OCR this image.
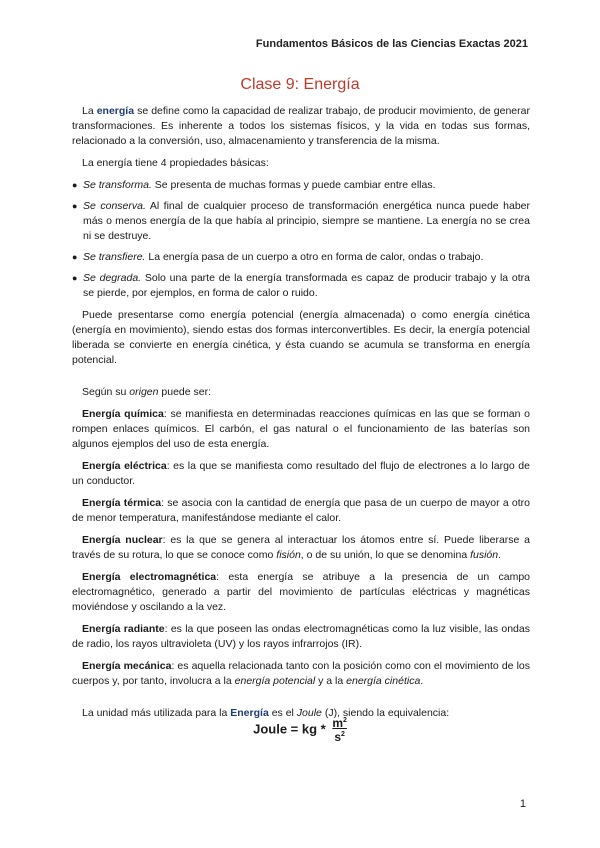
Fundamentos Básicos de las Ciencias Exactas 2021
Clase 9: Energía

La energía se define como la capacidad de realizar trabajo, de producir movimiento, de generar transformaciones. Es inherente a todos los sistemas físicos, y la vida en todas sus formas, relacionado a la conversión, uso, almacenamiento y transferencia de la misma.

La energía tiene 4 propiedades básicas:

● Se transforma. Se presenta de muchas formas y puede cambiar entre ellas.
● Se conserva. Al final de cualquier proceso de transformación energética nunca puede haber más o menos energía de la que había al principio, siempre se mantiene. La energía no se crea ni se destruye.
● Se transfiere. La energía pasa de un cuerpo a otro en forma de calor, ondas o trabajo.
● Se degrada. Solo una parte de la energía transformada es capaz de producir trabajo y la otra se pierde, por ejemplos, en forma de calor o ruido.

Puede presentarse como energía potencial (energía almacenada) o como energía cinética (energía en movimiento), siendo estas dos formas interconvertibles. Es decir, la energía potencial liberada se convierte en energía cinética, y ésta cuando se acumula se transforma en energía potencial.

Según su origen puede ser:

Energía química: se manifiesta en determinadas reacciones químicas en las que se forman o rompen enlaces químicos. El carbón, el gas natural o el funcionamiento de las baterías son algunos ejemplos del uso de esta energía.

Energía eléctrica: es la que se manifiesta como resultado del flujo de electrones a lo largo de un conductor.

Energía térmica: se asocia con la cantidad de energía que pasa de un cuerpo de mayor a otro de menor temperatura, manifestándose mediante el calor.

Energía nuclear: es la que se genera al interactuar los átomos entre sí. Puede liberarse a través de su rotura, lo que se conoce como fisión, o de su unión, lo que se denomina fusión.

Energía electromagnética: esta energía se atribuye a la presencia de un campo electromagnético, generado a partir del movimiento de partículas eléctricas y magnéticas moviéndose y oscilando a la vez.

Energía radiante: es la que poseen las ondas electromagnéticas como la luz visible, las ondas de radio, los rayos ultravioleta (UV) y los rayos infrarrojos (IR).

Energía mecánica: es aquella relacionada tanto con la posición como con el movimiento de los cuerpos y, por tanto, involucra a la energía potencial y a la energía cinética.

La unidad más utilizada para la Energía es el Joule (J), siendo la equivalencia:

Joule = kg * $\frac{m^2}{s^2}$
1
